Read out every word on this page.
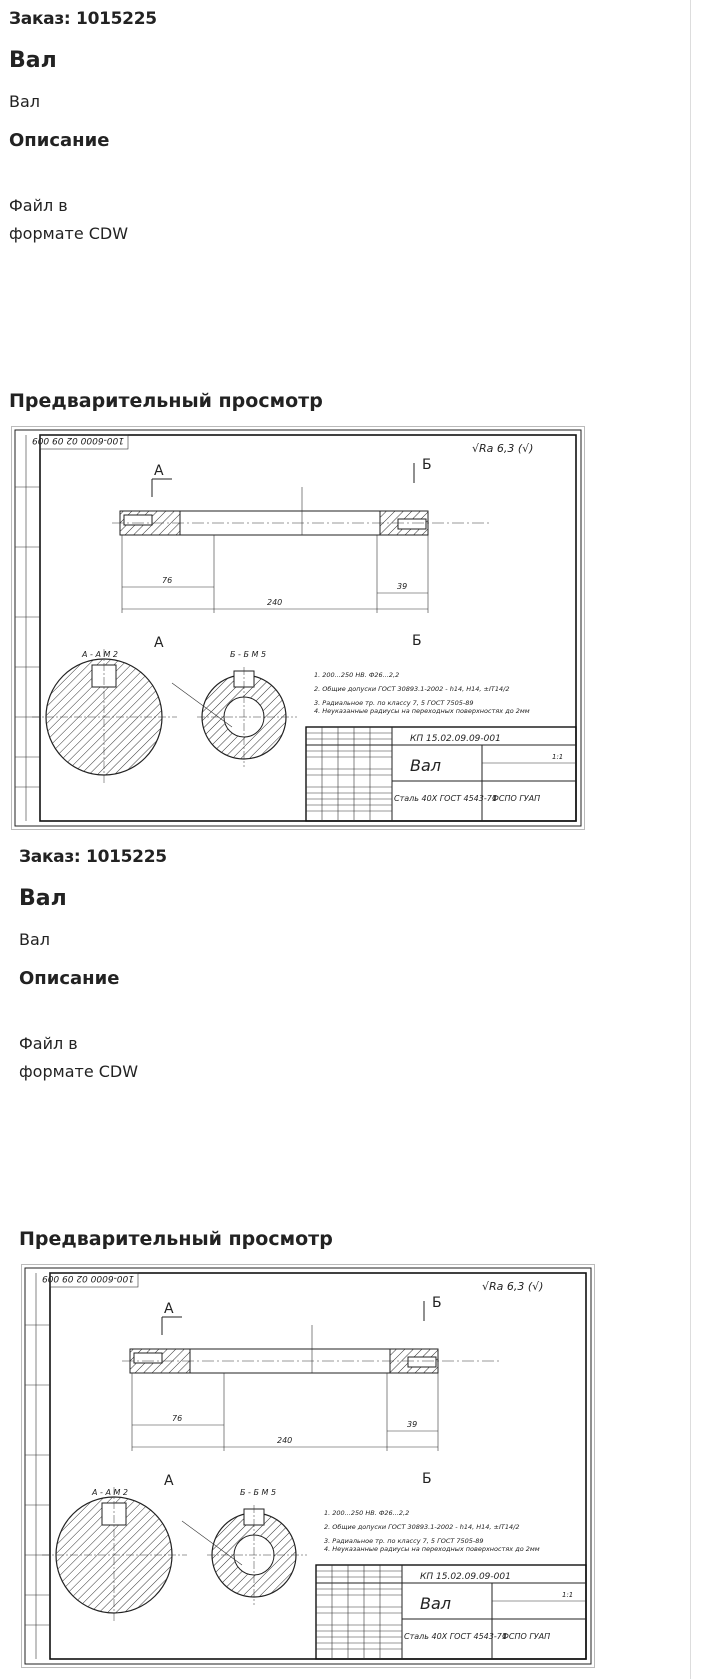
Заказ: 1015225

Вал

Вал

Описание

Файл в
формате CDW

Предварительный просмотр

100-6000 02 09 009
√Ra 6,3 (√)
А	Б
76
240
39
А - А М 2
А
Б - Б М 5
Б
1. 200...250 НВ. Ф26...2,2
2. Общие допуски ГОСТ 30893.1-2002 - h14, H14, ±IT14/2
3. Радиальное тр. по классу 7, 5 ГОСТ 7505-89
4. Неуказанные радиусы на переходных поверхностях до 2мм
КП 15.02.09.09-001
Вал	1:1
Сталь 40Х ГОСТ 4543-71
ФСПО ГУАП

Заказ: 1015225

Вал

Вал

Описание

Файл в
формате CDW

Предварительный просмотр

100-6000 02 09 009
√Ra 6,3 (√)
А	Б
76
240
39
А - А М 2
А
Б - Б М 5
Б
1. 200...250 НВ. Ф26...2,2
2. Общие допуски ГОСТ 30893.1-2002 - h14, H14, ±IT14/2
3. Радиальное тр. по классу 7, 5 ГОСТ 7505-89
4. Неуказанные радиусы на переходных поверхностях до 2мм
КП 15.02.09.09-001
Вал	1:1
Сталь 40Х ГОСТ 4543-71
ФСПО ГУАП
